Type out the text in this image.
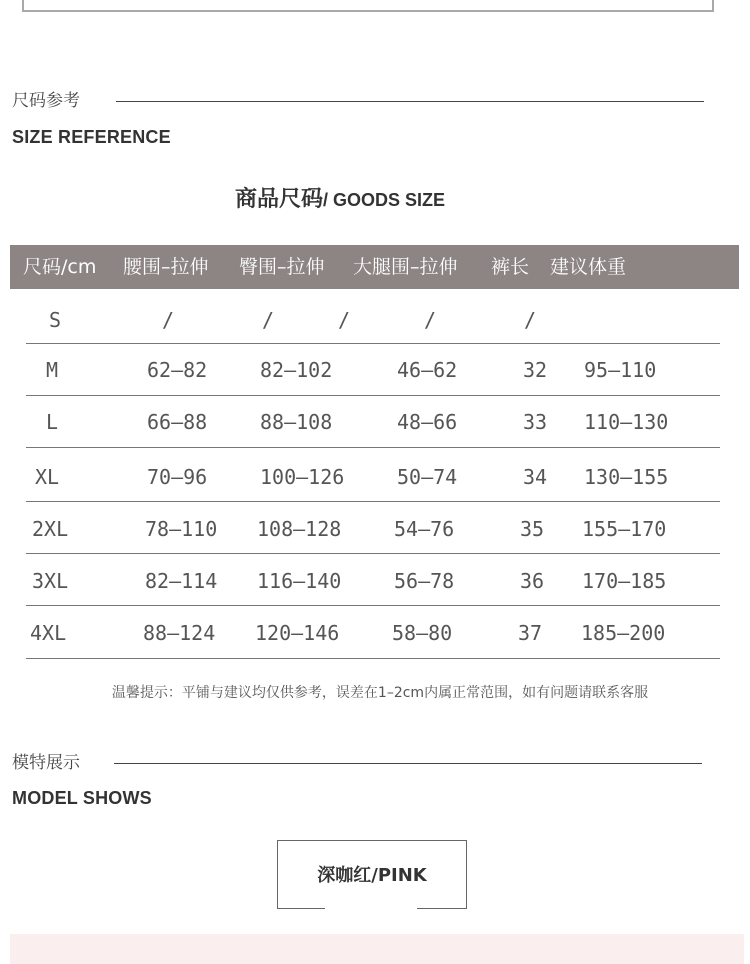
尺码参考
SIZE REFERENCE
商品尺码/ GOODS SIZE
尺码/cm 腰围–拉伸 臀围–拉伸 大腿围–拉伸 裤长 建议体重
S	/	/	/	/	/
M	62–82	82–102	46–62	32 95–110
L	66–88	88–108	48–66	33 110–130
XL	70–96	100–126	50–74	34 130–155
2XL	78–110 108–128	54–76	35 155–170
3XL	82–114 116–140	56–78	36 170–185
4XL	88–124 120–146	58–80	37 185–200
温馨提示：平铺与建议均仅供参考，误差在1–2cm内属正常范围，如有问题请联系客服
模特展示
MODEL SHOWS
深咖红/PINK
